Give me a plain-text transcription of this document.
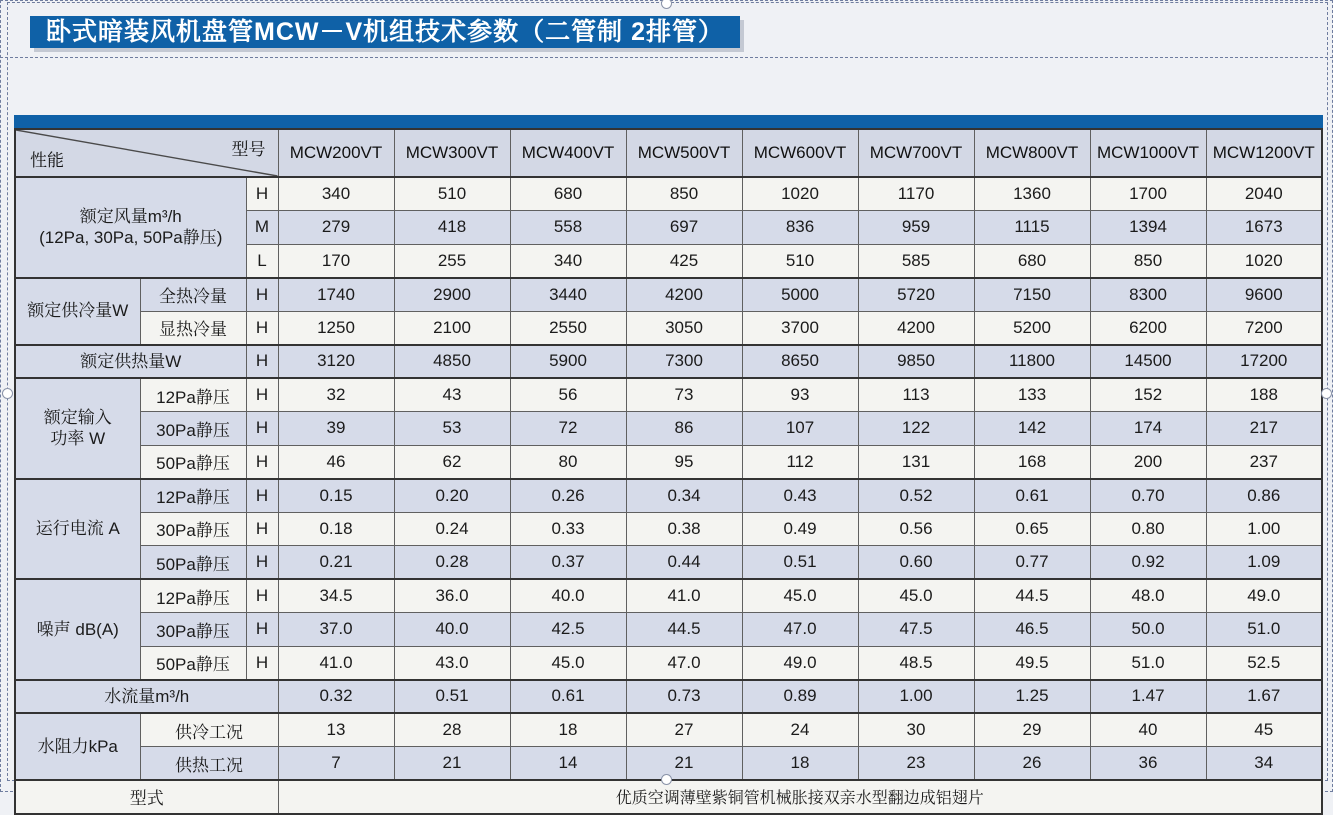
卧式暗装风机盘管MCW－V机组技术参数（二管制 2排管）
型号
性能			MCW200VT	MCW300VT	MCW400VT	MCW500VT	MCW600VT	MCW700VT	MCW800VT	MCW1000VT	MCW1200VT
额定风量m³/h
(12Pa, 30Pa, 50Pa静压)		H	340	510	680	850	1020	1170	1360	1700	2040
		M	279	418	558	697	836	959	1115	1394	1673
		L	170	255	340	425	510	585	680	850	1020
额定供冷量W	全热冷量	H	1740	2900	3440	4200	5000	5720	7150	8300	9600
	显热冷量	H	1250	2100	2550	3050	3700	4200	5200	6200	7200
额定供热量W		H	3120	4850	5900	7300	8650	9850	11800	14500	17200
额定输入
功率 W	12Pa静压	H	32	43	56	73	93	113	133	152	188
	30Pa静压	H	39	53	72	86	107	122	142	174	217
	50Pa静压	H	46	62	80	95	112	131	168	200	237
运行电流 A	12Pa静压	H	0.15	0.20	0.26	0.34	0.43	0.52	0.61	0.70	0.86
	30Pa静压	H	0.18	0.24	0.33	0.38	0.49	0.56	0.65	0.80	1.00
	50Pa静压	H	0.21	0.28	0.37	0.44	0.51	0.60	0.77	0.92	1.09
噪声 dB(A)	12Pa静压	H	34.5	36.0	40.0	41.0	45.0	45.0	44.5	48.0	49.0
	30Pa静压	H	37.0	40.0	42.5	44.5	47.0	47.5	46.5	50.0	51.0
	50Pa静压	H	41.0	43.0	45.0	47.0	49.0	48.5	49.5	51.0	52.5
水流量m³/h			0.32	0.51	0.61	0.73	0.89	1.00	1.25	1.47	1.67
水阻力kPa	供冷工况		13	28	18	27	24	30	29	40	45
	供热工况		7	21	14	21	18	23	26	36	34
型式			优质空调薄壁紫铜管机械胀接双亲水型翻边成铝翅片								
